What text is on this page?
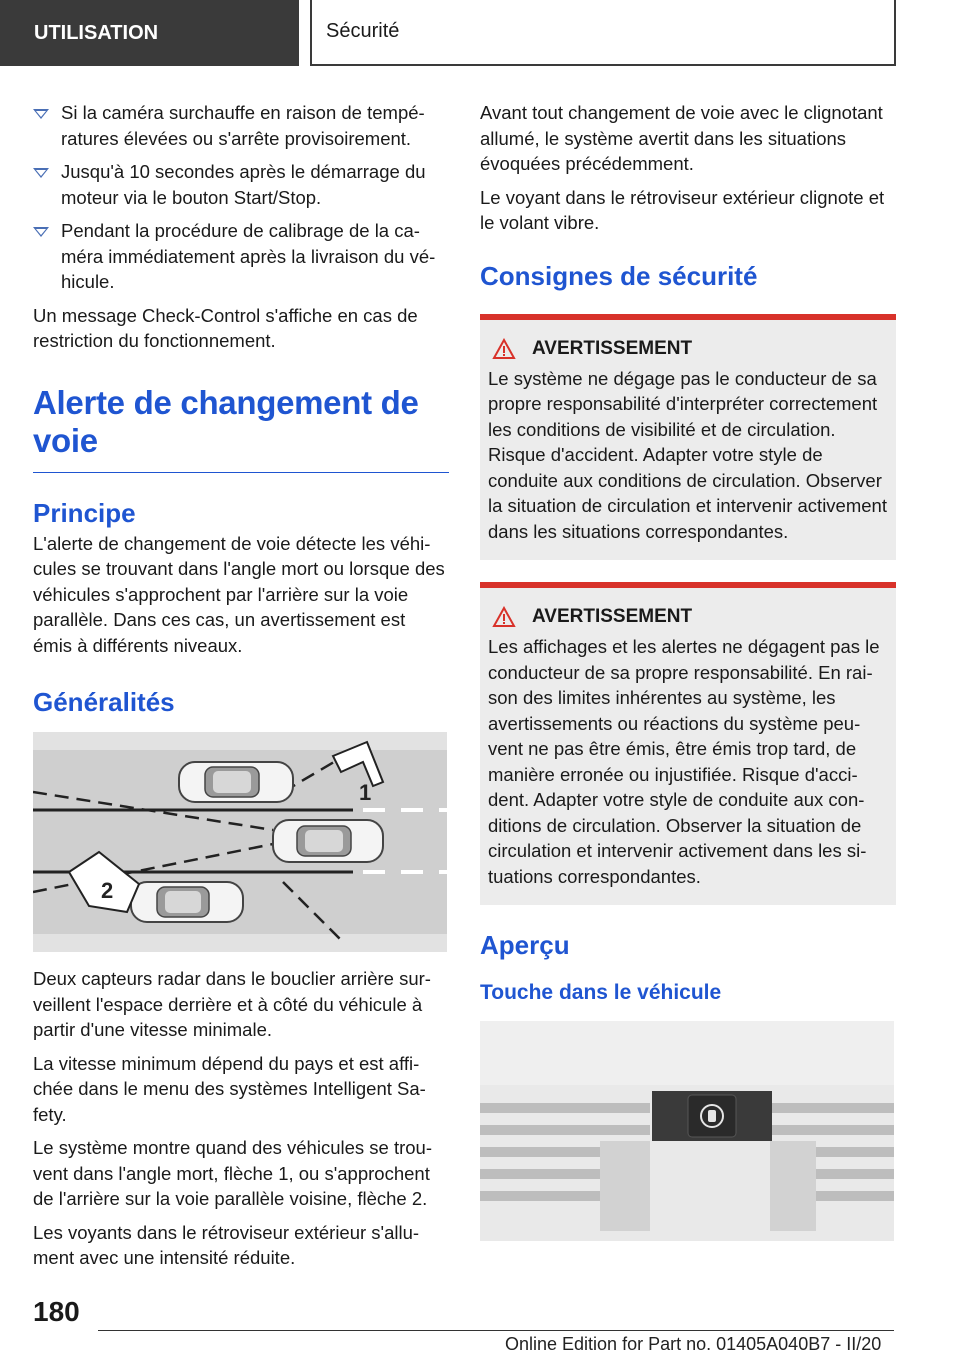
UTILISATION	Sécurité
Si la caméra surchauffe en raison de températures élevées ou s'arrête provisoirement.
Jusqu'à 10 secondes après le démarrage du moteur via le bouton Start/Stop.
Pendant la procédure de calibrage de la caméra immédiatement après la livraison du véhicule.

Un message Check-Control s'affiche en cas de restriction du fonctionnement.

Alerte de changement de voie
Principe

L'alerte de changement de voie détecte les véhicules se trouvant dans l'angle mort ou lorsque des véhicules s'approchent par l'arrière sur la voie parallèle. Dans ces cas, un avertissement est émis à différents niveaux.

Généralités
1
2

Deux capteurs radar dans le bouclier arrière surveillent l'espace derrière et à côté du véhicule à partir d'une vitesse minimale.

La vitesse minimum dépend du pays et est affichée dans le menu des systèmes Intelligent Safety.

Le système montre quand des véhicules se trouvent dans l'angle mort, flèche 1, ou s'approchent de l'arrière sur la voie parallèle voisine, flèche 2.

Les voyants dans le rétroviseur extérieur s'allument avec une intensité réduite.

Avant tout changement de voie avec le clignotant allumé, le système avertit dans les situations évoquées précédemment.

Le voyant dans le rétroviseur extérieur clignote et le volant vibre.

Consignes de sécurité
AVERTISSEMENT

Le système ne dégage pas le conducteur de sa propre responsabilité d'interpréter correctement les conditions de visibilité et de circulation. Risque d'accident. Adapter votre style de conduite aux conditions de circulation. Observer la situation de circulation et intervenir activement dans les situations correspondantes.

AVERTISSEMENT

Les affichages et les alertes ne dégagent pas le conducteur de sa propre responsabilité. En raison des limites inhérentes au système, les avertissements ou réactions du système peuvent ne pas être émis, être émis trop tard, de manière erronée ou injustifiée. Risque d'accident. Adapter votre style de conduite aux conditions de circulation. Observer la situation de circulation et intervenir activement dans les situations correspondantes.

Aperçu
Touche dans le véhicule
180
Online Edition for Part no. 01405A040B7 - II/20
